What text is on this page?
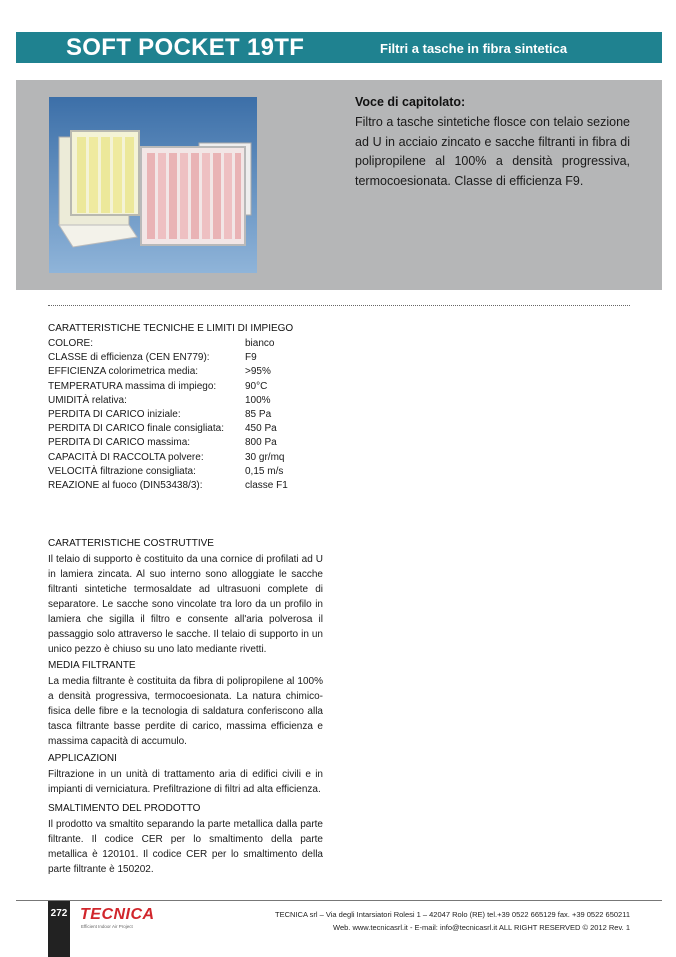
SOFT POCKET 19TF	Filtri a tasche in fibra sintetica
Voce di capitolato:
Filtro a tasche sintetiche flosce con telaio sezione ad U in acciaio zincato e sacche filtranti in fibra di polipropilene al 100% a densità progressiva, termocoesionata. Classe di efficienza F9.
CARATTERISTICHE TECNICHE E LIMITI DI IMPIEGO
COLORE:	bianco
CLASSE di efficienza (CEN EN779):	F9
EFFICIENZA colorimetrica media:	>95%
TEMPERATURA massima di impiego:	90°C
UMIDITÀ relativa:	100%
PERDITA DI CARICO iniziale:	85 Pa
PERDITA DI CARICO finale consigliata: 450 Pa
PERDITA DI CARICO massima:	800 Pa
CAPACITÀ DI RACCOLTA polvere:	30 gr/mq
VELOCITÀ filtrazione consigliata:	0,15 m/s
REAZIONE al fuoco (DIN53438/3):	classe F1
CARATTERISTICHE COSTRUTTIVE

Il telaio di supporto è costituito da una cornice di profilati ad U in lamiera zincata. Al suo interno sono alloggiate le sacche filtranti sintetiche termosaldate ad ultrasuoni complete di separatore. Le sacche sono vincolate tra loro da un profilo in lamiera che sigilla il filtro e consente all'aria polverosa il passaggio solo attraverso le sacche. Il telaio di supporto in un unico pezzo è chiuso su uno lato mediante rivetti.

MEDIA FILTRANTE

La media filtrante è costituita da fibra di polipropilene al 100% a densità progressiva, termocoesionata. La natura chimico-fisica delle fibre e la tecnologia di saldatura conferiscono alla tasca filtrante basse perdite di carico, massima efficienza e massima capacità di accumulo.

APPLICAZIONI

Filtrazione in un unità di trattamento aria di edifici civili e in impianti di verniciatura. Prefiltrazione di filtri ad alta efficienza.

SMALTIMENTO DEL PRODOTTO

Il prodotto va smaltito separando la parte metallica dalla parte filtrante. Il codice CER per lo smaltimento della parte metallica è 120101. Il codice CER per lo smaltimento della parte filtrante è 150202.

272 TECNICA
Efficient Indoor Air Project
TECNICA srl – Via degli Intarsiatori Rolesi 1 – 42047 Rolo (RE) tel.+39 0522 665129 fax. +39 0522 650211
Web. www.tecnicasrl.it - E-mail: info@tecnicasrl.it ALL RIGHT RESERVED © 2012 Rev. 1
